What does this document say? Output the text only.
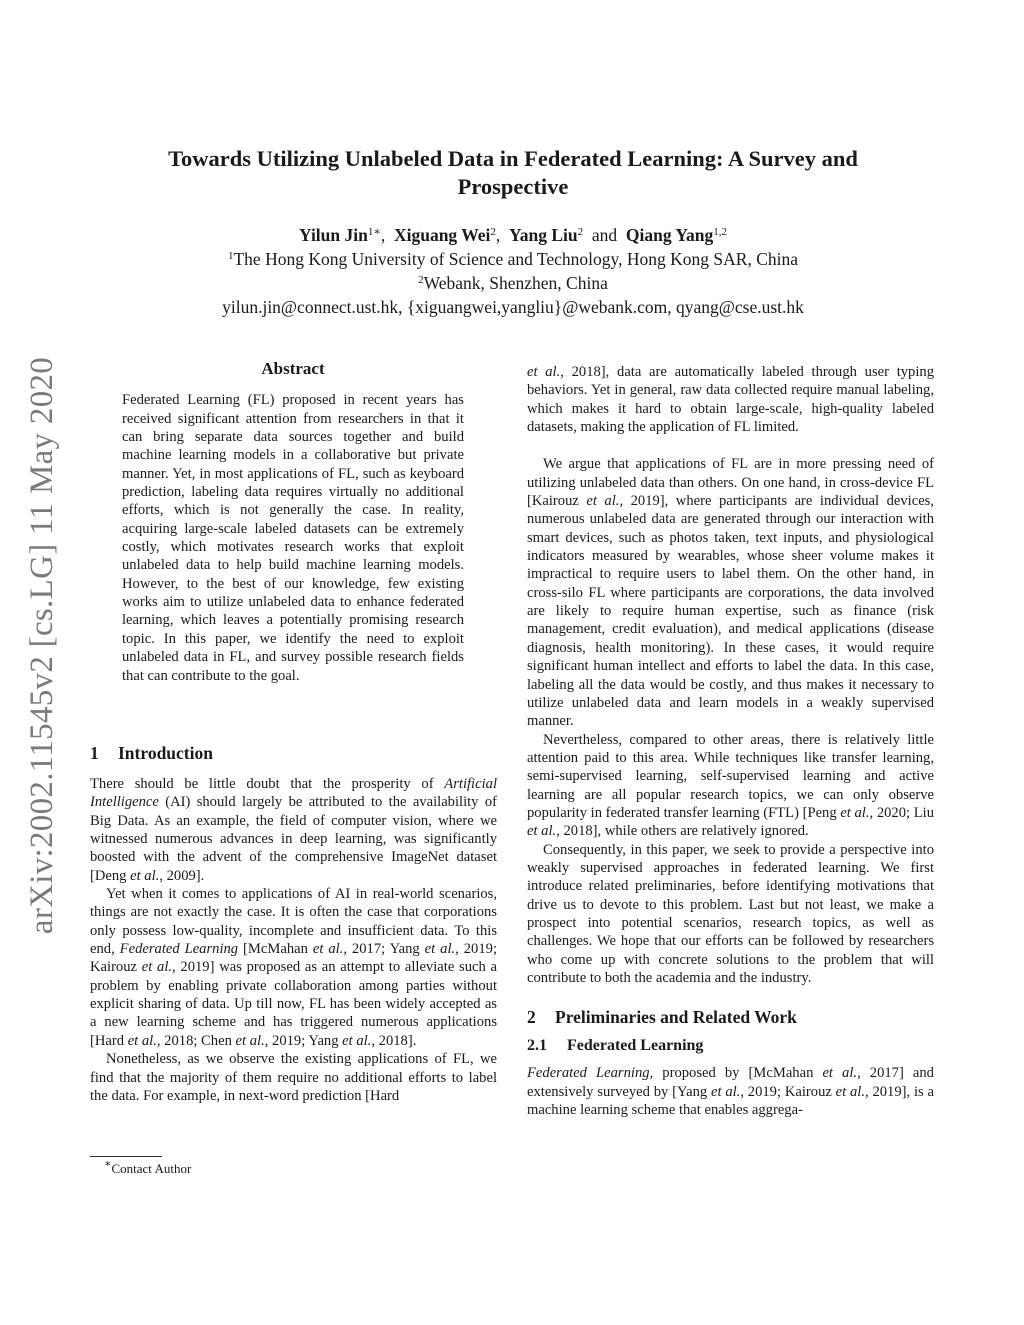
arXiv:2002.11545v2 [cs.LG] 11 May 2020
Towards Utilizing Unlabeled Data in Federated Learning: A Survey and Prospective
Yilun Jin$^{1∗}$, Xiguang Wei$^2$, Yang Liu$^2$ and Qiang Yang$^{1,2}$
$^1$The Hong Kong University of Science and Technology, Hong Kong SAR, China
$^2$Webank, Shenzhen, China
yilun.jin@connect.ust.hk, {xiguangwei,yangliu}@webank.com, qyang@cse.ust.hk
Abstract

Federated Learning (FL) proposed in recent years has received significant attention from researchers in that it can bring separate data sources together and build machine learning models in a collaborative but private manner. Yet, in most applications of FL, such as keyboard prediction, labeling data requires virtually no additional efforts, which is not generally the case. In reality, acquiring large-scale labeled datasets can be extremely costly, which motivates research works that exploit unlabeled data to help build machine learning models. However, to the best of our knowledge, few existing works aim to utilize unlabeled data to enhance federated learning, which leaves a potentially promising research topic. In this paper, we identify the need to exploit unlabeled data in FL, and survey possible research fields that can contribute to the goal.

1 Introduction

There should be little doubt that the prosperity of Artificial Intelligence (AI) should largely be attributed to the availability of Big Data. As an example, the field of computer vision, where we witnessed numerous advances in deep learning, was significantly boosted with the advent of the comprehensive ImageNet dataset [Deng et al., 2009].

Yet when it comes to applications of AI in real-world scenarios, things are not exactly the case. It is often the case that corporations only possess low-quality, incomplete and insufficient data. To this end, Federated Learning [McMahan et al., 2017; Yang et al., 2019; Kairouz et al., 2019] was proposed as an attempt to alleviate such a problem by enabling private collaboration among parties without explicit sharing of data. Up till now, FL has been widely accepted as a new learning scheme and has triggered numerous applications [Hard et al., 2018; Chen et al., 2019; Yang et al., 2018].

Nonetheless, as we observe the existing applications of FL, we find that the majority of them require no additional efforts to label the data. For example, in next-word prediction [Hard

et al., 2018], data are automatically labeled through user typing behaviors. Yet in general, raw data collected require manual labeling, which makes it hard to obtain large-scale, high-quality labeled datasets, making the application of FL limited.

We argue that applications of FL are in more pressing need of utilizing unlabeled data than others. On one hand, in cross-device FL [Kairouz et al., 2019], where participants are individual devices, numerous unlabeled data are generated through our interaction with smart devices, such as photos taken, text inputs, and physiological indicators measured by wearables, whose sheer volume makes it impractical to require users to label them. On the other hand, in cross-silo FL where participants are corporations, the data involved are likely to require human expertise, such as finance (risk management, credit evaluation), and medical applications (disease diagnosis, health monitoring). In these cases, it would require significant human intellect and efforts to label the data. In this case, labeling all the data would be costly, and thus makes it necessary to utilize unlabeled data and learn models in a weakly supervised manner.

Nevertheless, compared to other areas, there is relatively little attention paid to this area. While techniques like transfer learning, semi-supervised learning, self-supervised learning and active learning are all popular research topics, we can only observe popularity in federated transfer learning (FTL) [Peng et al., 2020; Liu et al., 2018], while others are relatively ignored.

Consequently, in this paper, we seek to provide a perspective into weakly supervised approaches in federated learning. We first introduce related preliminaries, before identifying motivations that drive us to devote to this problem. Last but not least, we make a prospect into potential scenarios, research topics, as well as challenges. We hope that our efforts can be followed by researchers who come up with concrete solutions to the problem that will contribute to both the academia and the industry.

2 Preliminaries and Related Work
2.1 Federated Learning

Federated Learning, proposed by [McMahan et al., 2017] and extensively surveyed by [Yang et al., 2019; Kairouz et al., 2019], is a machine learning scheme that enables aggrega-

∗Contact Author
